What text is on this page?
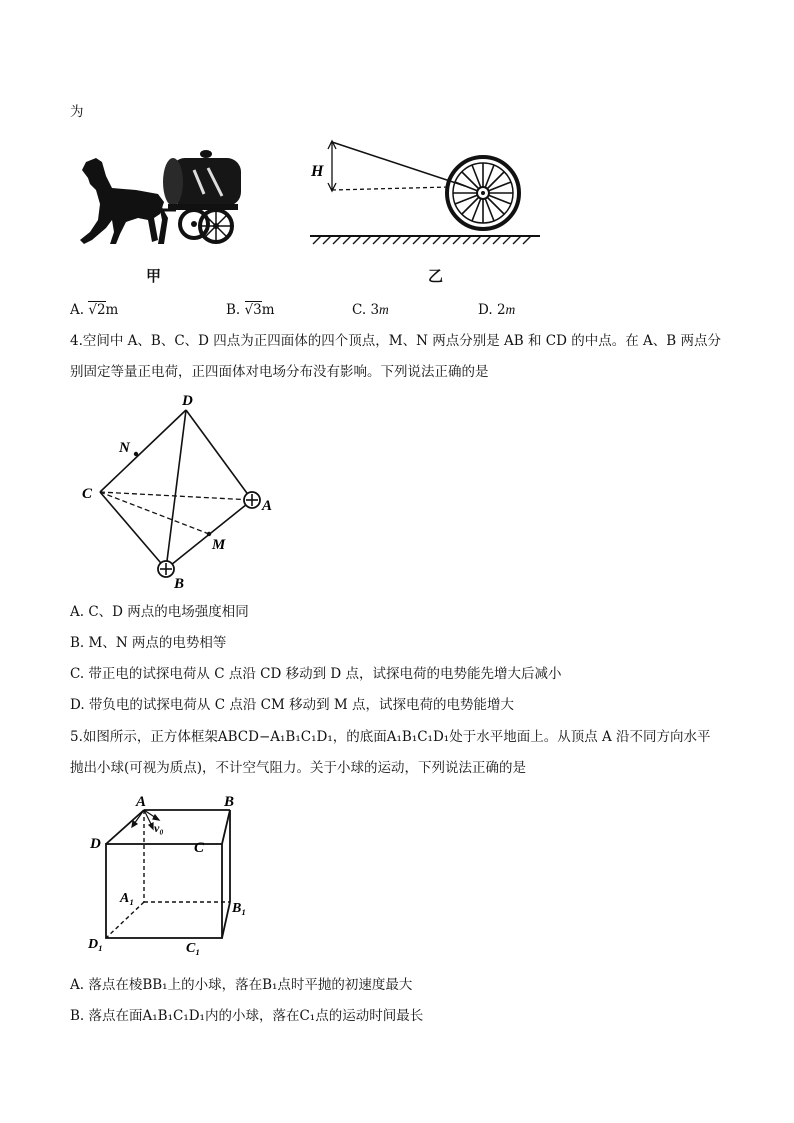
为
甲
H
乙
A. √2m	B. √3m	C. 3m	D. 2m
4.空间中 A、B、C、D 四点为正四面体的四个顶点，M、N 两点分别是 AB 和 CD 的中点。在 A、B 两点分
别固定等量正电荷，正四面体对电场分布没有影响。下列说法正确的是
D
N
C
A
M
B
A. C、D 两点的电场强度相同
B. M、N 两点的电势相等
C. 带正电的试探电荷从 C 点沿 CD 移动到 D 点，试探电荷的电势能先增大后减小
D. 带负电的试探电荷从 C 点沿 CM 移动到 M 点，试探电荷的电势能增大
5.如图所示，正方体框架ABCD−A₁B₁C₁D₁，的底面A₁B₁C₁D₁处于水平地面上。从顶点 A 沿不同方向水平
抛出小球(可视为质点)，不计空气阻力。关于小球的运动，下列说法正确的是
A	B
D	C
v₀
A₁
B₁
D₁	C₁
A. 落点在棱BB₁上的小球，落在B₁点时平抛的初速度最大
B. 落点在面A₁B₁C₁D₁内的小球，落在C₁点的运动时间最长
